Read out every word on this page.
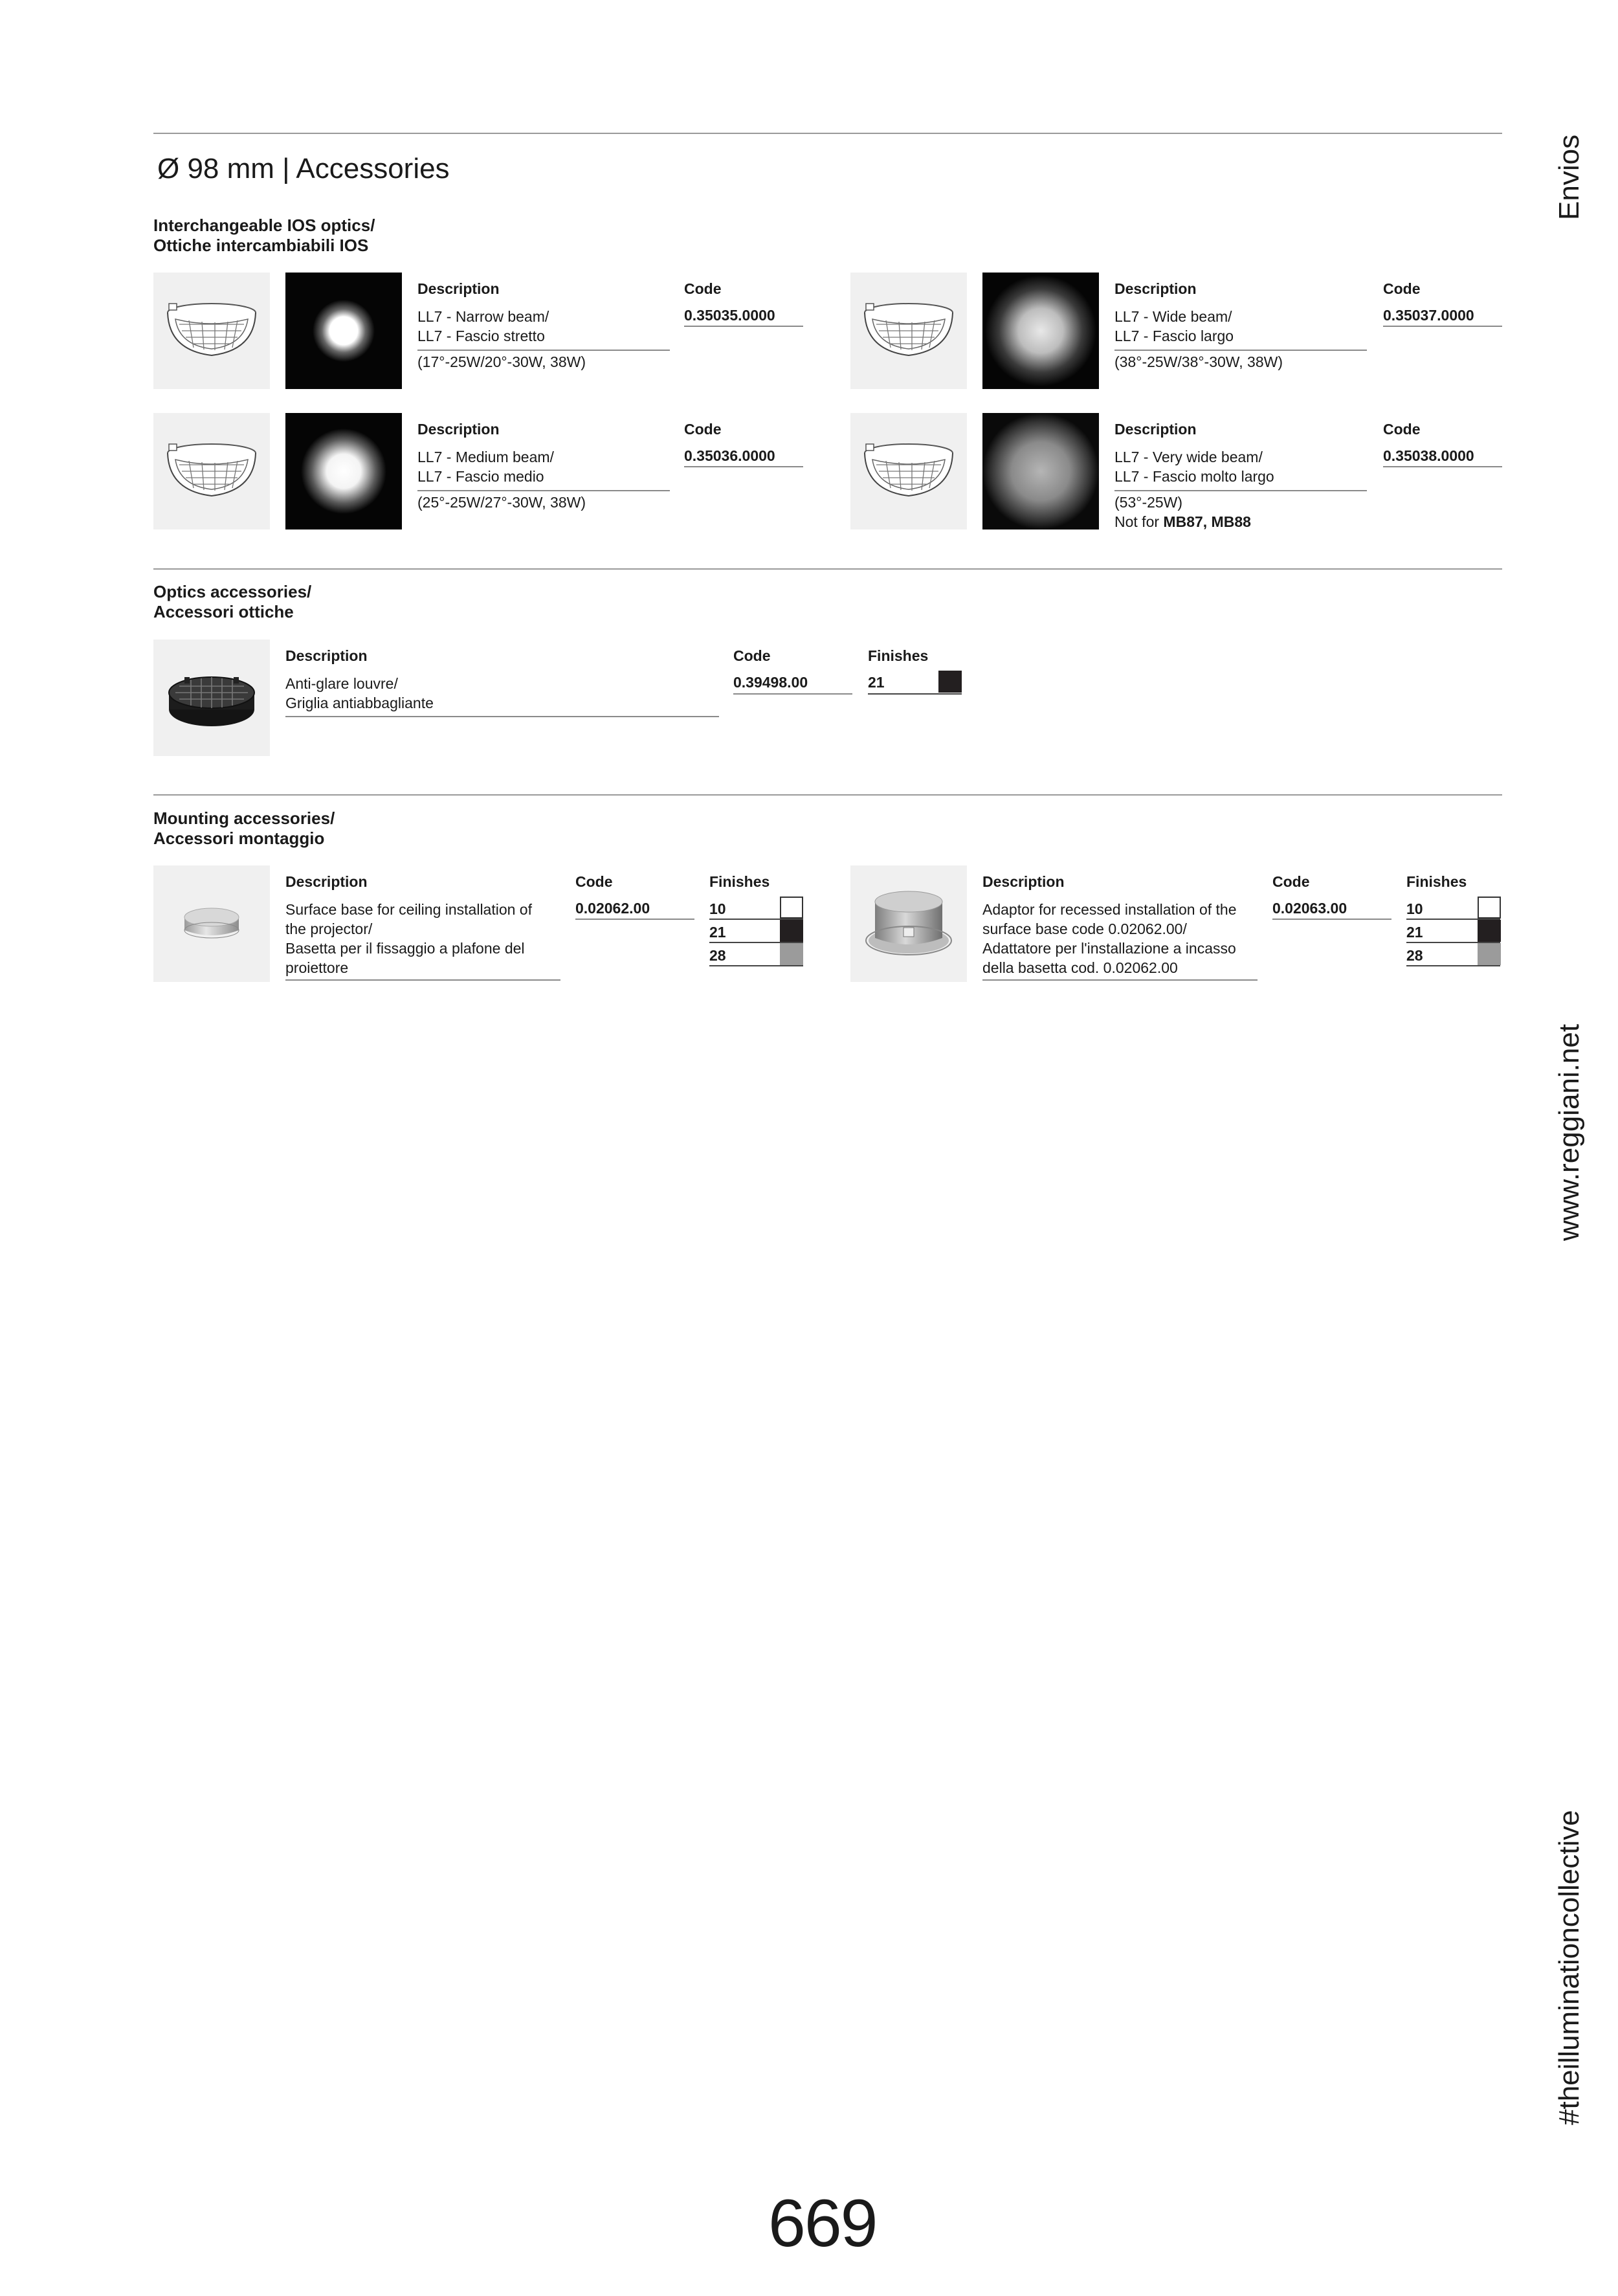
Ø 98 mm | Accessories
Interchangeable IOS optics/
Ottiche intercambiabili IOS
Description
LL7 - Narrow beam/
LL7 - Fascio stretto
(17°-25W/20°-30W, 38W)
Code
0.35035.0000
Description
LL7 - Wide beam/
LL7 - Fascio largo
(38°-25W/38°-30W, 38W)
Code
0.35037.0000
Description
LL7 - Medium beam/
LL7 - Fascio medio
(25°-25W/27°-30W, 38W)
Code
0.35036.0000
Description
LL7 - Very wide beam/
LL7 - Fascio molto largo
(53°-25W)
Not for MB87, MB88
Code
0.35038.0000
Optics accessories/
Accessori ottiche
Description
Anti-glare louvre/
Griglia antiabbagliante
Code
0.39498.00
Finishes
21
Mounting accessories/
Accessori montaggio
Description
Surface base for ceiling installation of
the projector/
Basetta per il fissaggio a plafone del
proiettore
Code
0.02062.00
Finishes
10
21
28
Description
Adaptor for recessed installation of the
surface base code 0.02062.00/
Adattatore per l'installazione a incasso
della basetta cod. 0.02062.00
Code
0.02063.00
Finishes
10
21
28
Envios
www.reggiani.net
#theilluminationcollective
669
